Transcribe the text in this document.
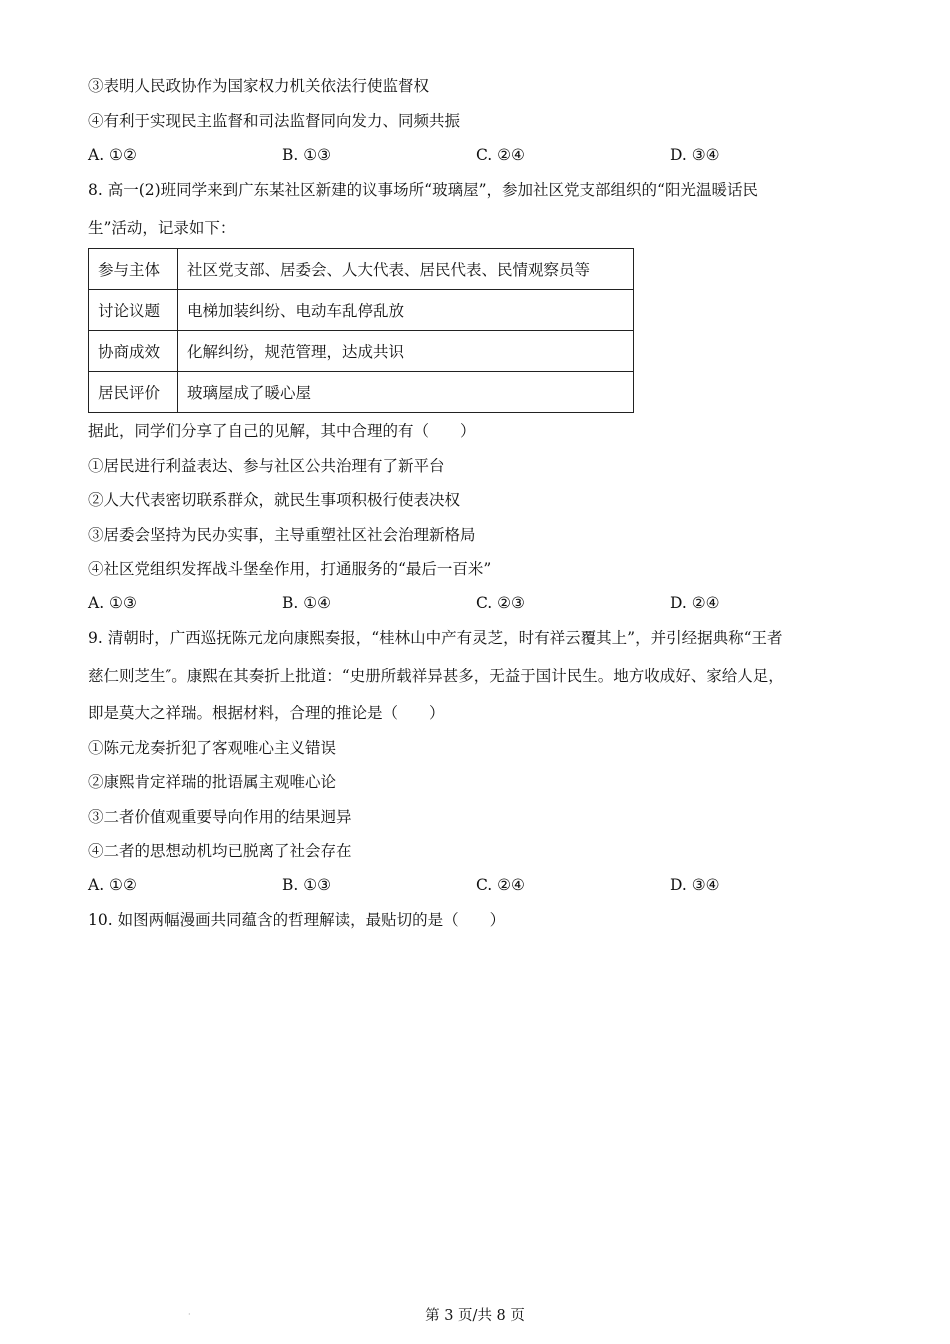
③表明人民政协作为国家权力机关依法行使监督权
④有利于实现民主监督和司法监督同向发力、同频共振
A. ①②	B. ①③	C. ②④	D. ③④
8. 高一(2)班同学来到广东某社区新建的议事场所“玻璃屋”，参加社区党支部组织的“阳光温暖话民
生”活动，记录如下：
参与主体	社区党支部、居委会、人大代表、居民代表、民情观察员等
讨论议题	电梯加装纠纷、电动车乱停乱放
协商成效	化解纠纷，规范管理，达成共识
居民评价	玻璃屋成了暖心屋
据此，同学们分享了自己的见解，其中合理的有（　　）
①居民进行利益表达、参与社区公共治理有了新平台
②人大代表密切联系群众，就民生事项积极行使表决权
③居委会坚持为民办实事，主导重塑社区社会治理新格局
④社区党组织发挥战斗堡垒作用，打通服务的“最后一百米”
A. ①③	B. ①④	C. ②③	D. ②④
9. 清朝时，广西巡抚陈元龙向康熙奏报，“桂林山中产有灵芝，时有祥云覆其上”，并引经据典称“王者
慈仁则芝生″。康熙在其奏折上批道：“史册所载祥异甚多，无益于国计民生。地方收成好、家给人足，
即是莫大之祥瑞。根据材料，合理的推论是（　　）
①陈元龙奏折犯了客观唯心主义错误
②康熙肯定祥瑞的批语属主观唯心论
③二者价值观重要导向作用的结果迥异
④二者的思想动机均已脱离了社会存在
A. ①②	B. ①③	C. ②④	D. ③④
10. 如图两幅漫画共同蕴含的哲理解读，最贴切的是（　　）
·	第 3 页/共 8 页
